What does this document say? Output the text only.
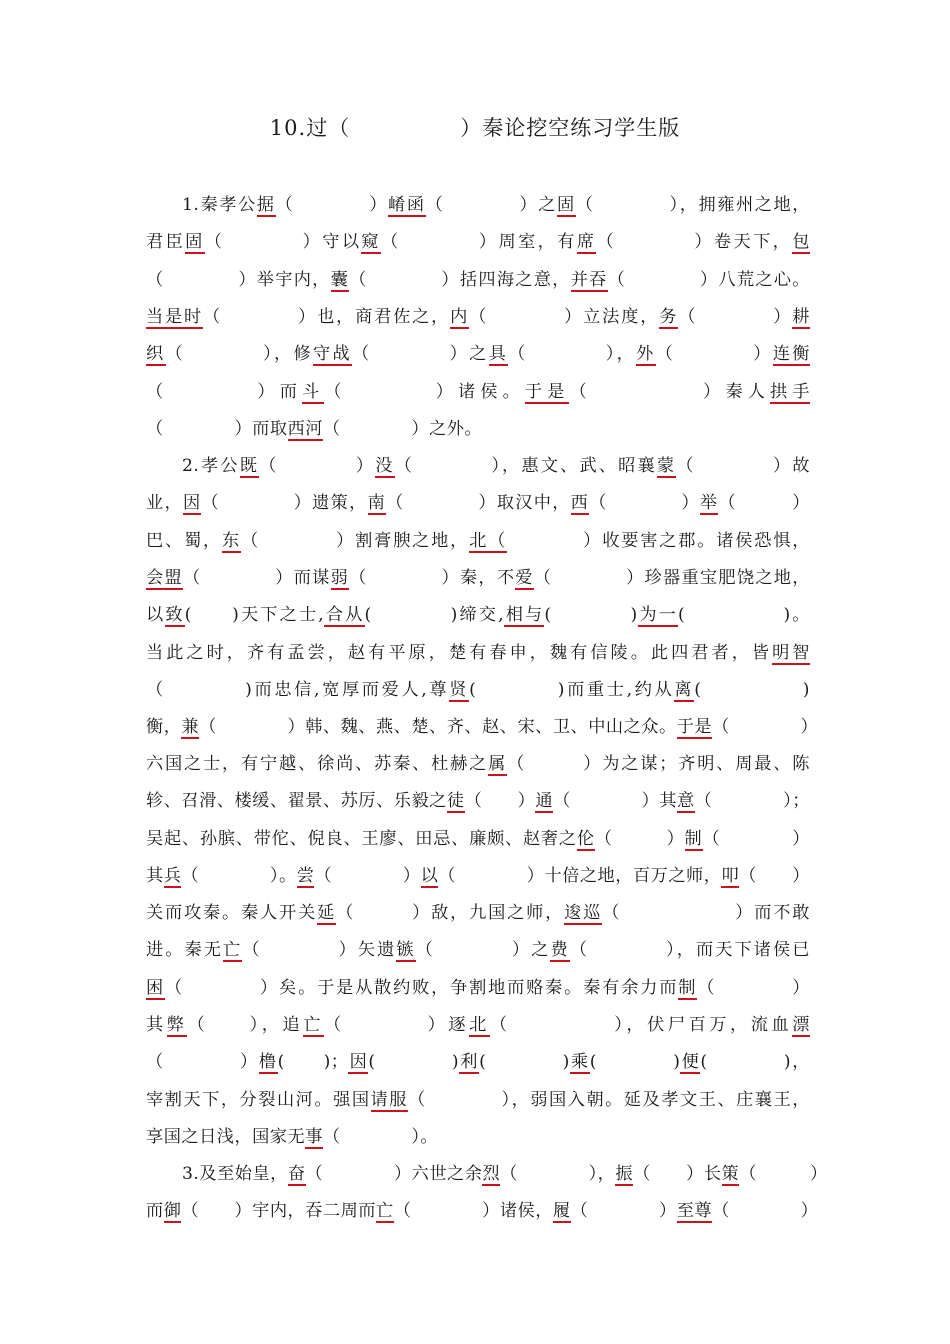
10.过（　　　　　）秦论挖空练习学生版
1.秦孝公据（　　　　）崤函（　　　　）之固（　　　　），拥雍州之地，
君臣固（　　　　）守以窥（　　　　）周室，有席（　　　　）卷天下，包
（　　　　）举宇内，囊（　　　　）括四海之意，并吞（　　　　）八荒之心。
当是时（　　　　）也，商君佐之，内（　　　　）立法度，务（　　　　）耕
织（　　　　），修守战（　　　　）之具（　　　　），外（　　　　）连衡
（　　　　）而斗（　　　　）诸侯。于是（　　　　　）秦人拱手
（　　　　）而取西河（　　　　）之外。
2.孝公既（　　　　）没（　　　　），惠文、武、昭襄蒙（　　　　）故
业，因（　　　　）遗策，南（　　　　）取汉中，西（　　　　）举（　　　）
巴、蜀，东（　　　　）割膏腴之地，北（　　　　）收要害之郡。诸侯恐惧，
会盟（　　　　）而谋弱（　　　　）秦，不爱（　　　　）珍器重宝肥饶之地，
以致(　　)天下之士,合从(　　　　)缔交,相与(　　　　)为一(　　　　　)。
当此之时，齐有孟尝，赵有平原，楚有春申，魏有信陵。此四君者，皆明智
（　　　　)而忠信,宽厚而爱人,尊贤(　　　　)而重士,约从离(　　　　　)
衡，兼（　　　　）韩、魏、燕、楚、齐、赵、宋、卫、中山之众。于是（　　　　）
六国之士，有宁越、徐尚、苏秦、杜赫之属（　　　）为之谋；齐明、周最、陈
轸、召滑、楼缓、翟景、苏厉、乐毅之徒（　　）通（　　　　）其意（　　　　）；
吴起、孙膑、带佗、倪良、王廖、田忌、廉颇、赵奢之伦（　　　）制（　　　　）
其兵（　　　　）。尝（　　　　）以（　　　　）十倍之地，百万之师，叩（　　）
关而攻秦。秦人开关延（　　　）敌，九国之师，逡巡（　　　　　　）而不敢
进。秦无亡（　　　　）矢遗镞（　　　　）之费（　　　　），而天下诸侯已
困（　　　　）矣。于是从散约败，争割地而赂秦。秦有余力而制（　　　　）
其弊（　　），追亡（　　　　）逐北（　　　　　），伏尸百万，流血漂
（　　　　）橹(　　)；因(　　　　)利(　　　　)乘(　　　　)便(　　　　)，
宰割天下，分裂山河。强国请服（　　　　），弱国入朝。延及孝文王、庄襄王，
享国之日浅，国家无事（　　　　）。
3.及至始皇，奋（　　　　）六世之余烈（　　　　），振（　　）长策（　　　）
而御（　　）宇内，吞二周而亡（　　　　）诸侯，履（　　　　）至尊（　　　　）
